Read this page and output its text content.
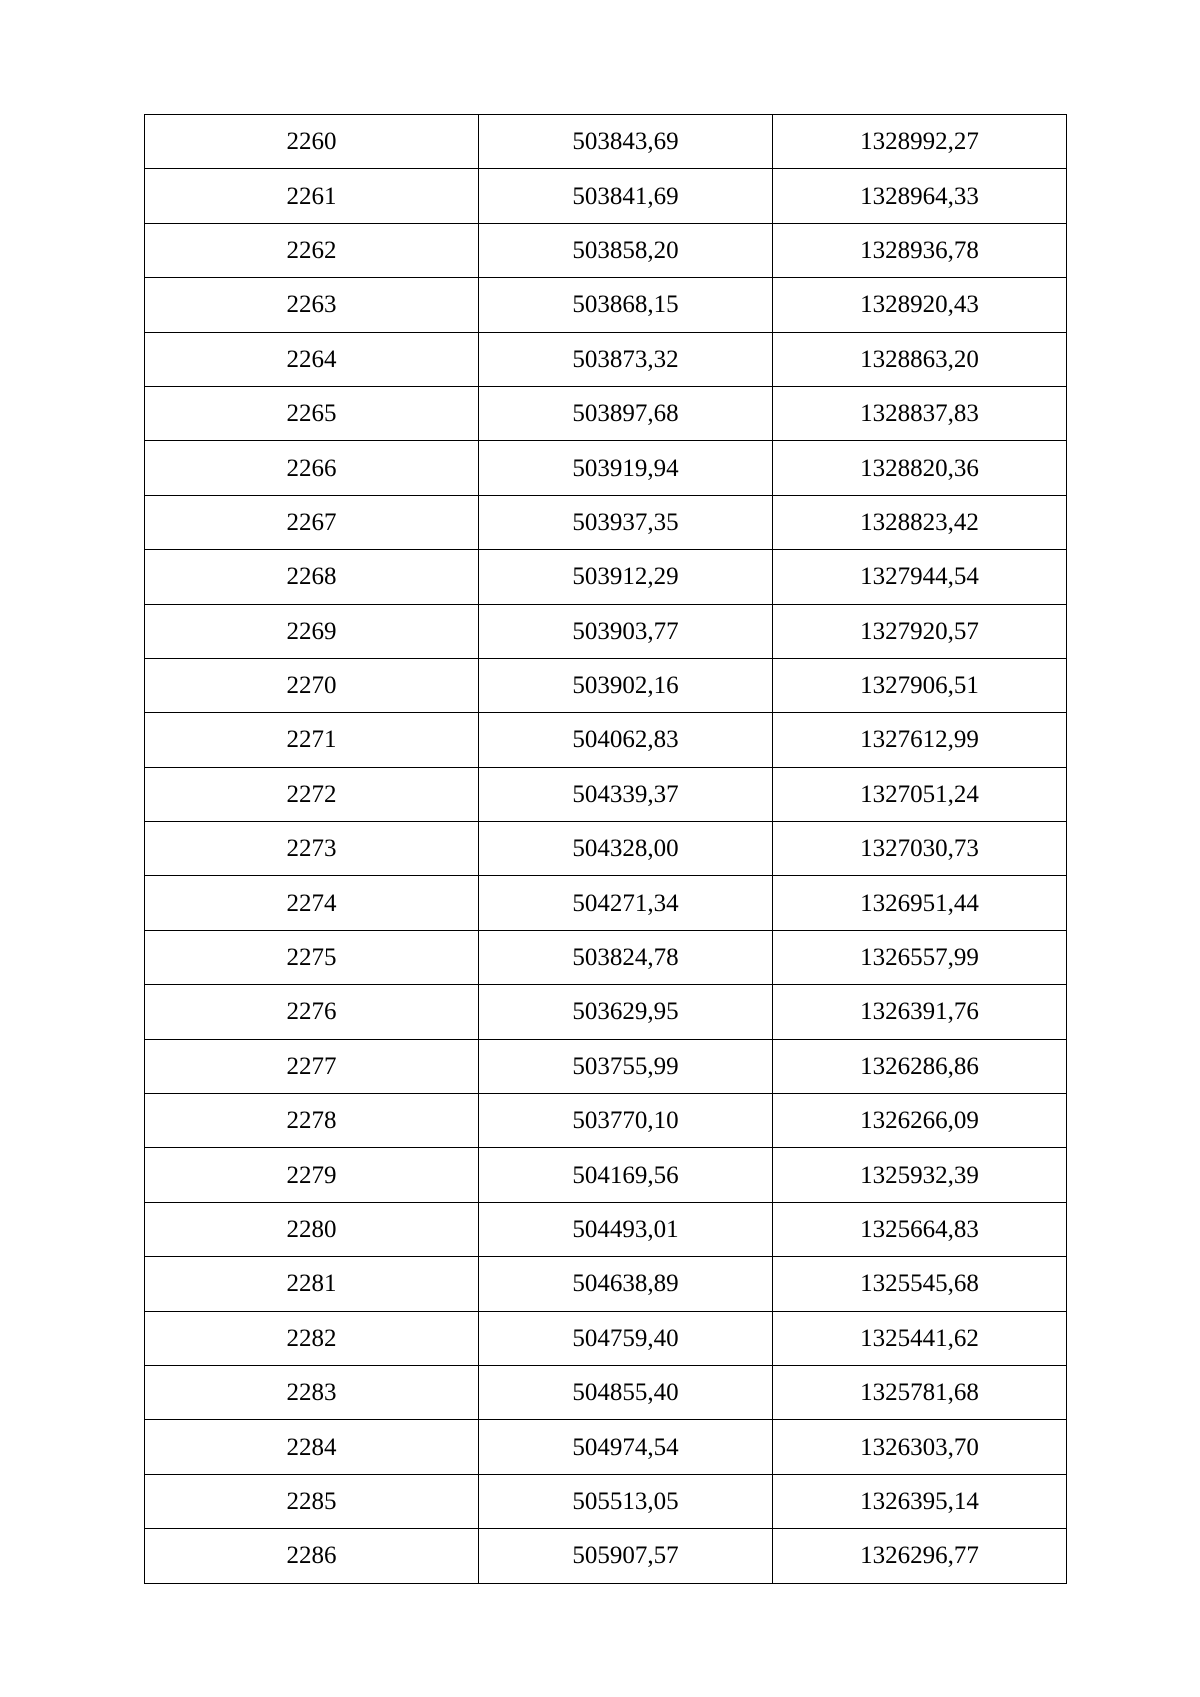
2260	503843,69	1328992,27
2261	503841,69	1328964,33
2262	503858,20	1328936,78
2263	503868,15	1328920,43
2264	503873,32	1328863,20
2265	503897,68	1328837,83
2266	503919,94	1328820,36
2267	503937,35	1328823,42
2268	503912,29	1327944,54
2269	503903,77	1327920,57
2270	503902,16	1327906,51
2271	504062,83	1327612,99
2272	504339,37	1327051,24
2273	504328,00	1327030,73
2274	504271,34	1326951,44
2275	503824,78	1326557,99
2276	503629,95	1326391,76
2277	503755,99	1326286,86
2278	503770,10	1326266,09
2279	504169,56	1325932,39
2280	504493,01	1325664,83
2281	504638,89	1325545,68
2282	504759,40	1325441,62
2283	504855,40	1325781,68
2284	504974,54	1326303,70
2285	505513,05	1326395,14
2286	505907,57	1326296,77
